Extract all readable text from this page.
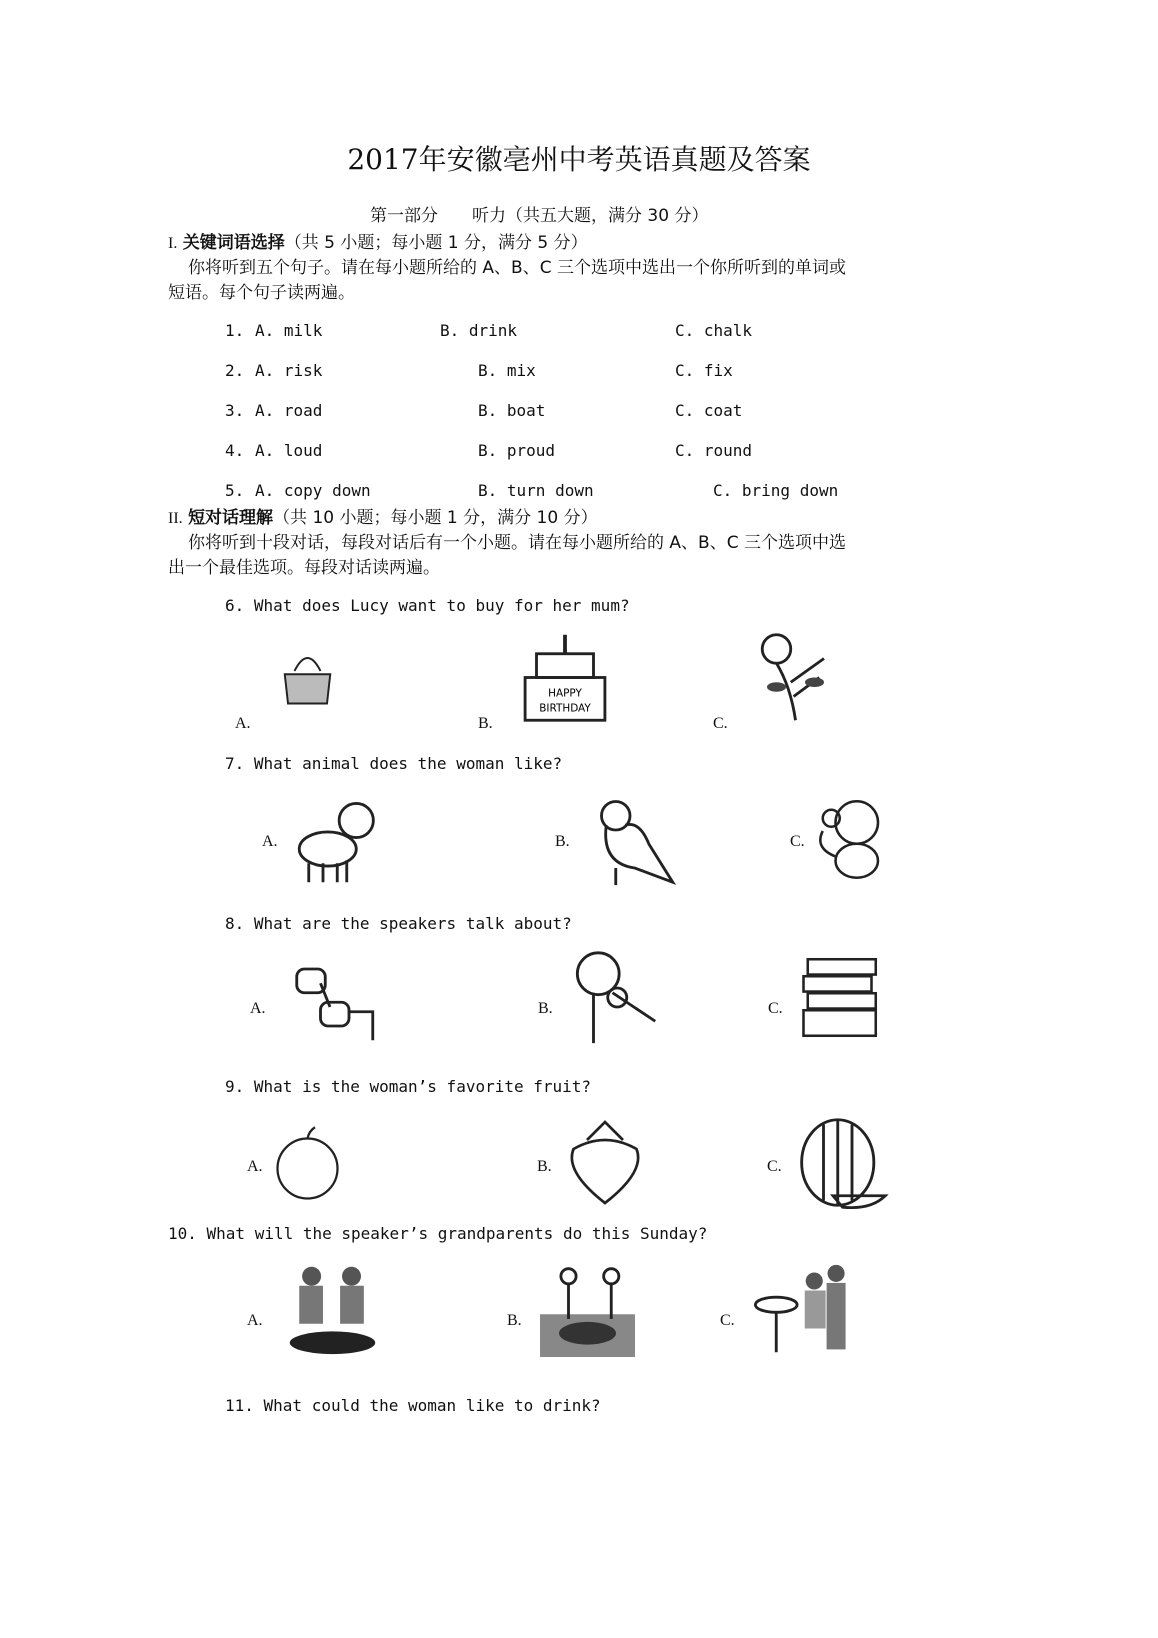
2017年安徽亳州中考英语真题及答案
第一部分　　听力（共五大题，满分 30 分）
I. 关键词语选择（共 5 小题；每小题 1 分，满分 5 分）
你将听到五个句子。请在每小题所给的 A、B、C 三个选项中选出一个你所听到的单词或
短语。每个句子读两遍。
II. 短对话理解（共 10 小题；每小题 1 分，满分 10 分）
你将听到十段对话，每段对话后有一个小题。请在每小题所给的 A、B、C 三个选项中选
出一个最佳选项。每段对话读两遍。
1. A. milk	B. drink	C. chalk
2. A. risk	B. mix	C. fix
3. A. road	B. boat	C. coat
4. A. loud	B. proud	C. round
5. A. copy down	B. turn down	C. bring down
6. What does Lucy want to buy for her mum?
A.	B.
HAPPY
BIRTHDAY
C.
7. What animal does the woman like?
A.	B.	C.
8. What are the speakers talk about?
A.	B.	C.
9. What is the woman’s favorite fruit?
A.	B.	C.
10. What will the speaker’s grandparents do this Sunday?
A.	B.	C.
11. What could the woman like to drink?
